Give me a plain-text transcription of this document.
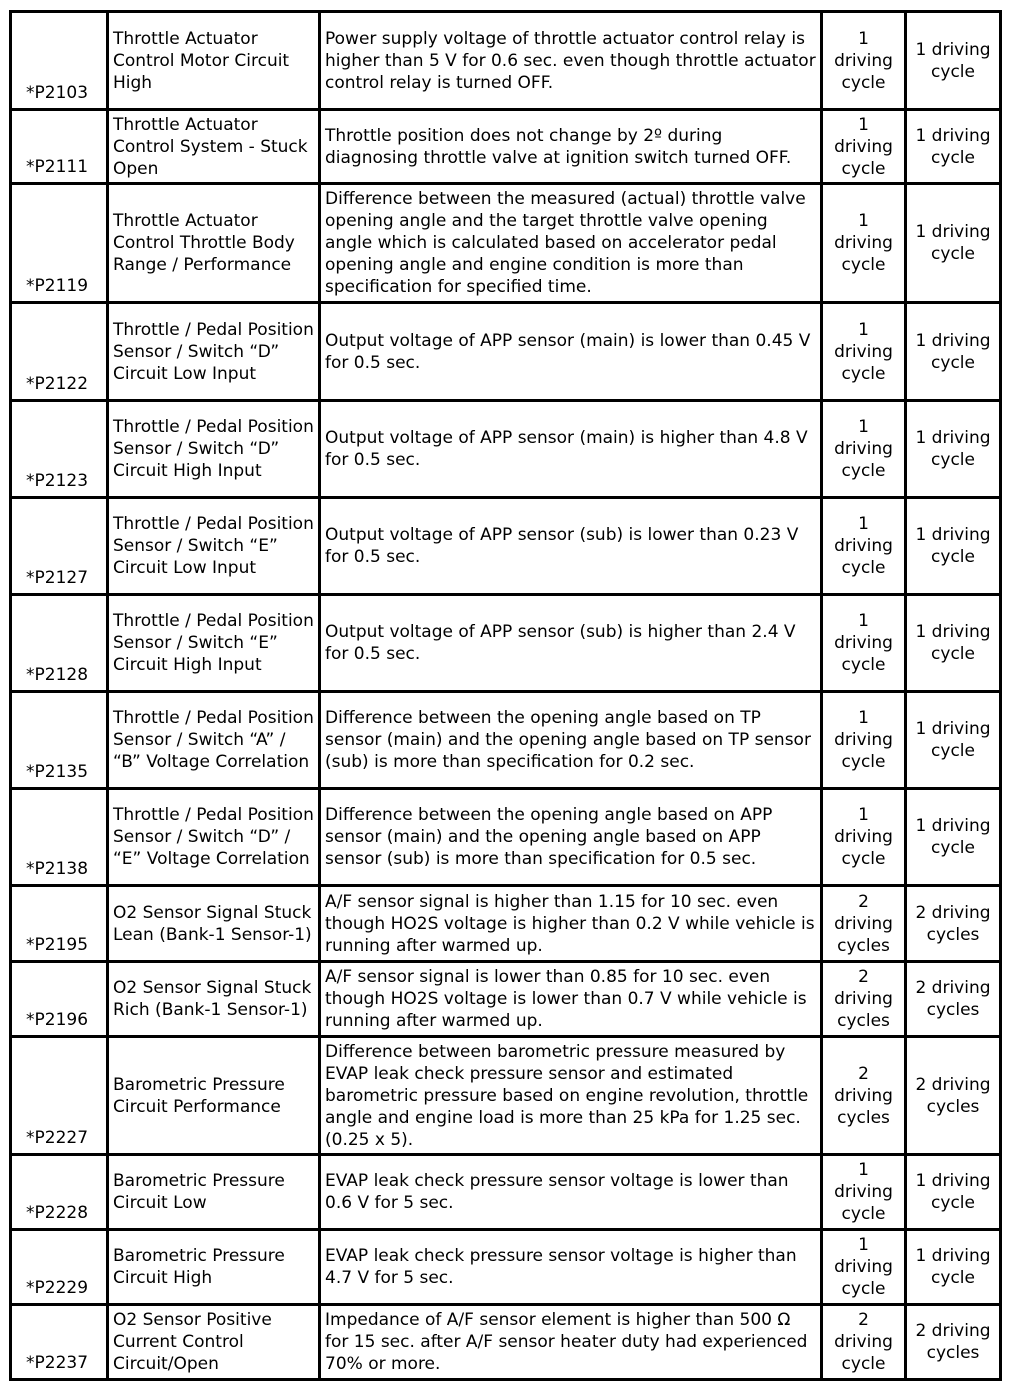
*P2103	Throttle Actuator Control Motor Circuit High	Power supply voltage of throttle actuator control relay is higher than 5 V for 0.6 sec. even though throttle actuator control relay is turned OFF.	1 driving cycle	1 driving cycle
*P2111	Throttle Actuator Control System - Stuck Open	Throttle position does not change by 2º during diagnosing throttle valve at ignition switch turned OFF.	1 driving cycle	1 driving cycle
*P2119	Throttle Actuator Control Throttle Body Range / Performance	Difference between the measured (actual) throttle valve opening angle and the target throttle valve opening angle which is calculated based on accelerator pedal opening angle and engine condition is more than specification for specified time.	1 driving cycle	1 driving cycle
*P2122	Throttle / Pedal Position Sensor / Switch “D” Circuit Low Input	Output voltage of APP sensor (main) is lower than 0.45 V for 0.5 sec.	1 driving cycle	1 driving cycle
*P2123	Throttle / Pedal Position Sensor / Switch “D” Circuit High Input	Output voltage of APP sensor (main) is higher than 4.8 V for 0.5 sec.	1 driving cycle	1 driving cycle
*P2127	Throttle / Pedal Position Sensor / Switch “E” Circuit Low Input	Output voltage of APP sensor (sub) is lower than 0.23 V for 0.5 sec.	1 driving cycle	1 driving cycle
*P2128	Throttle / Pedal Position Sensor / Switch “E” Circuit High Input	Output voltage of APP sensor (sub) is higher than 2.4 V for 0.5 sec.	1 driving cycle	1 driving cycle
*P2135	Throttle / Pedal Position Sensor / Switch “A” / “B” Voltage Correlation	Difference between the opening angle based on TP sensor (main) and the opening angle based on TP sensor (sub) is more than specification for 0.2 sec.	1 driving cycle	1 driving cycle
*P2138	Throttle / Pedal Position Sensor / Switch “D” / “E” Voltage Correlation	Difference between the opening angle based on APP sensor (main) and the opening angle based on APP sensor (sub) is more than specification for 0.5 sec.	1 driving cycle	1 driving cycle
*P2195	O2 Sensor Signal Stuck Lean (Bank-1 Sensor-1)	A/F sensor signal is higher than 1.15 for 10 sec. even though HO2S voltage is higher than 0.2 V while vehicle is running after warmed up.	2 driving cycles	2 driving cycles
*P2196	O2 Sensor Signal Stuck Rich (Bank-1 Sensor-1)	A/F sensor signal is lower than 0.85 for 10 sec. even though HO2S voltage is lower than 0.7 V while vehicle is running after warmed up.	2 driving cycles	2 driving cycles
*P2227	Barometric Pressure Circuit Performance	Difference between barometric pressure measured by EVAP leak check pressure sensor and estimated barometric pressure based on engine revolution, throttle angle and engine load is more than 25 kPa for 1.25 sec. (0.25 x 5).	2 driving cycles	2 driving cycles
*P2228	Barometric Pressure Circuit Low	EVAP leak check pressure sensor voltage is lower than 0.6 V for 5 sec.	1 driving cycle	1 driving cycle
*P2229	Barometric Pressure Circuit High	EVAP leak check pressure sensor voltage is higher than 4.7 V for 5 sec.	1 driving cycle	1 driving cycle
*P2237	O2 Sensor Positive Current Control Circuit/Open	Impedance of A/F sensor element is higher than 500 Ω for 15 sec. after A/F sensor heater duty had experienced 70% or more.	2 driving cycle	2 driving cycles
